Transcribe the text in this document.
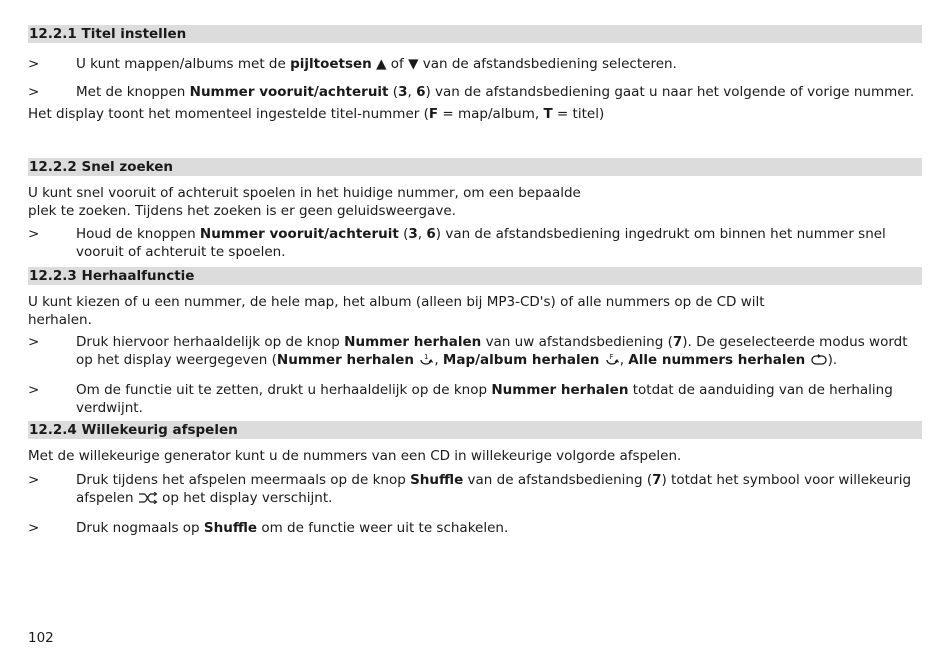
12.2.1 Titel instellen

>	U kunt mappen/albums met de pijltoetsen ▲ of ▼ van de afstandsbediening selecteren.

>	Met de knoppen Nummer vooruit/achteruit (3, 6) van de afstandsbediening gaat u naar het volgende of vorige nummer.

Het display toont het momenteel ingestelde titel-nummer (F = map/album, T = titel)

12.2.2 Snel zoeken

U kunt snel vooruit of achteruit spoelen in het huidige nummer, om een bepaalde
plek te zoeken. Tijdens het zoeken is er geen geluidsweergave.

>	Houd de knoppen Nummer vooruit/achteruit (3, 6) van de afstandsbediening ingedrukt om binnen het nummer snel vooruit of achteruit te spoelen.

12.2.3 Herhaalfunctie

U kunt kiezen of u een nummer, de hele map, het album (alleen bij MP3-CD's) of alle nummers op de CD wilt
herhalen.

>	Druk hiervoor herhaaldelijk op de knop Nummer herhalen van uw afstandsbediening (7). De geselecteerde modus wordt op het display weergegeven (Nummer herhalen 1 , Map/album herhalen F , Alle nummers herhalen ).

>	Om de functie uit te zetten, drukt u herhaaldelijk op de knop Nummer herhalen totdat de aanduiding van de herhaling verdwijnt.

12.2.4 Willekeurig afspelen

Met de willekeurige generator kunt u de nummers van een CD in willekeurige volgorde afspelen.

>	Druk tijdens het afspelen meermaals op de knop Shuffle van de afstandsbediening (7) totdat het symbool voor willekeurig afspelen  op het display verschijnt.

>	Druk nogmaals op Shuffle om de functie weer uit te schakelen.

102
